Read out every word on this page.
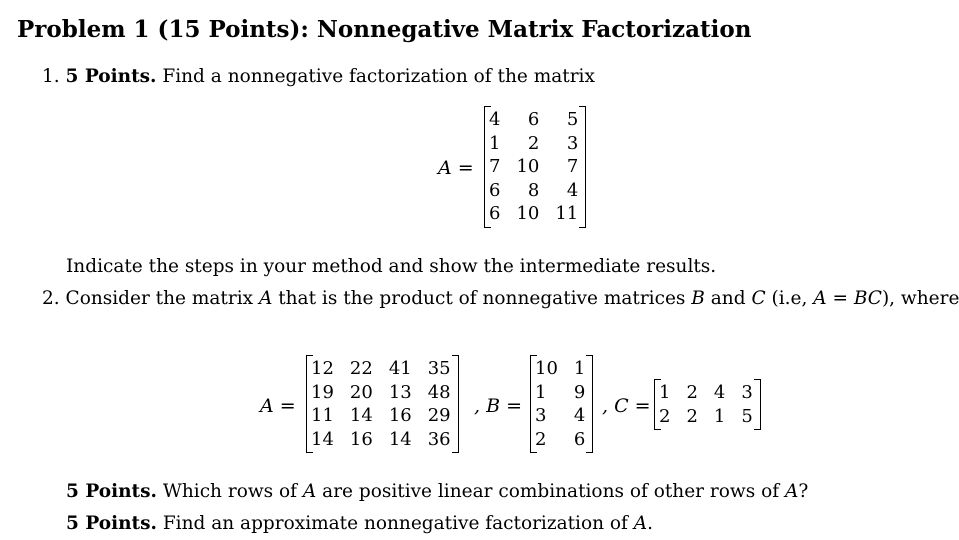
Problem 1 (15 Points): Nonnegative Matrix Factorization
1. 5 Points. Find a nonnegative factorization of the matrix
A =
4	6	5
1	2	3
7 10	7
6	8	4
6 10 11
Indicate the steps in your method and show the intermediate results.
2. Consider the matrix A that is the product of nonnegative matrices B and C (i.e, A = BC), where
A =
12 22 41 35
19 20 13 48
11 14 16 29
14 16 14 36
, B =
10 1
1	9
3	4
2	6
, C =
1 2 4 3
2 2 1 5
5 Points. Which rows of A are positive linear combinations of other rows of A?
5 Points. Find an approximate nonnegative factorization of A.
